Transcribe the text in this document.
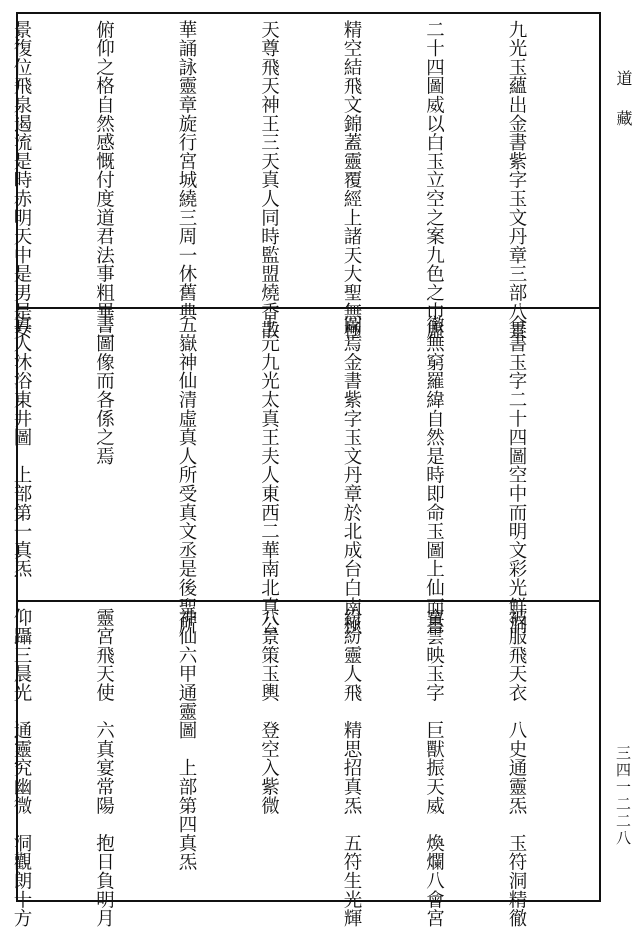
九光玉蘊出金書紫字玉文丹章三部八景

二十四圖威以白玉立空之案九色之巾虛

精空結飛文錦蓋靈覆經上諸天大聖無極

天尊飛天神王三天真人同時監盟燒香散

華誦詠靈章旋行宮城繞三周一休舊典

俯仰之格自然感慨付度道君法事粗畢三

景復位飛泉遏流是時赤明天中是男是女

金書玉字二十四圖空中而明文彩光鮮洞

徹無窮羅緯自然是時即命玉圖上仙而書

圖焉金書紫字玉文丹章於北成台白南極

上元九光太真王夫人東西二華南北真公

五嶽神仙清虛真人所受真文丞是後聖所

書圖像而各係之焉

真人沐浴東井圖　上部第一真炁

被服飛天衣　八史通靈炁　玉符洞精徹

寶雲映玉字　巨獸振天威　煥爛八會宮

紛紛靈人飛　精思招真炁　五符生光輝

八景策玉輿　登空入紫微

神仙六甲通靈圖　上部第四真炁

靈宮飛天使　六真宴常陽　抱日負明月

仰躡三晨光　通靈究幽微　洞觀朗十方

道藏
三四一二二八
